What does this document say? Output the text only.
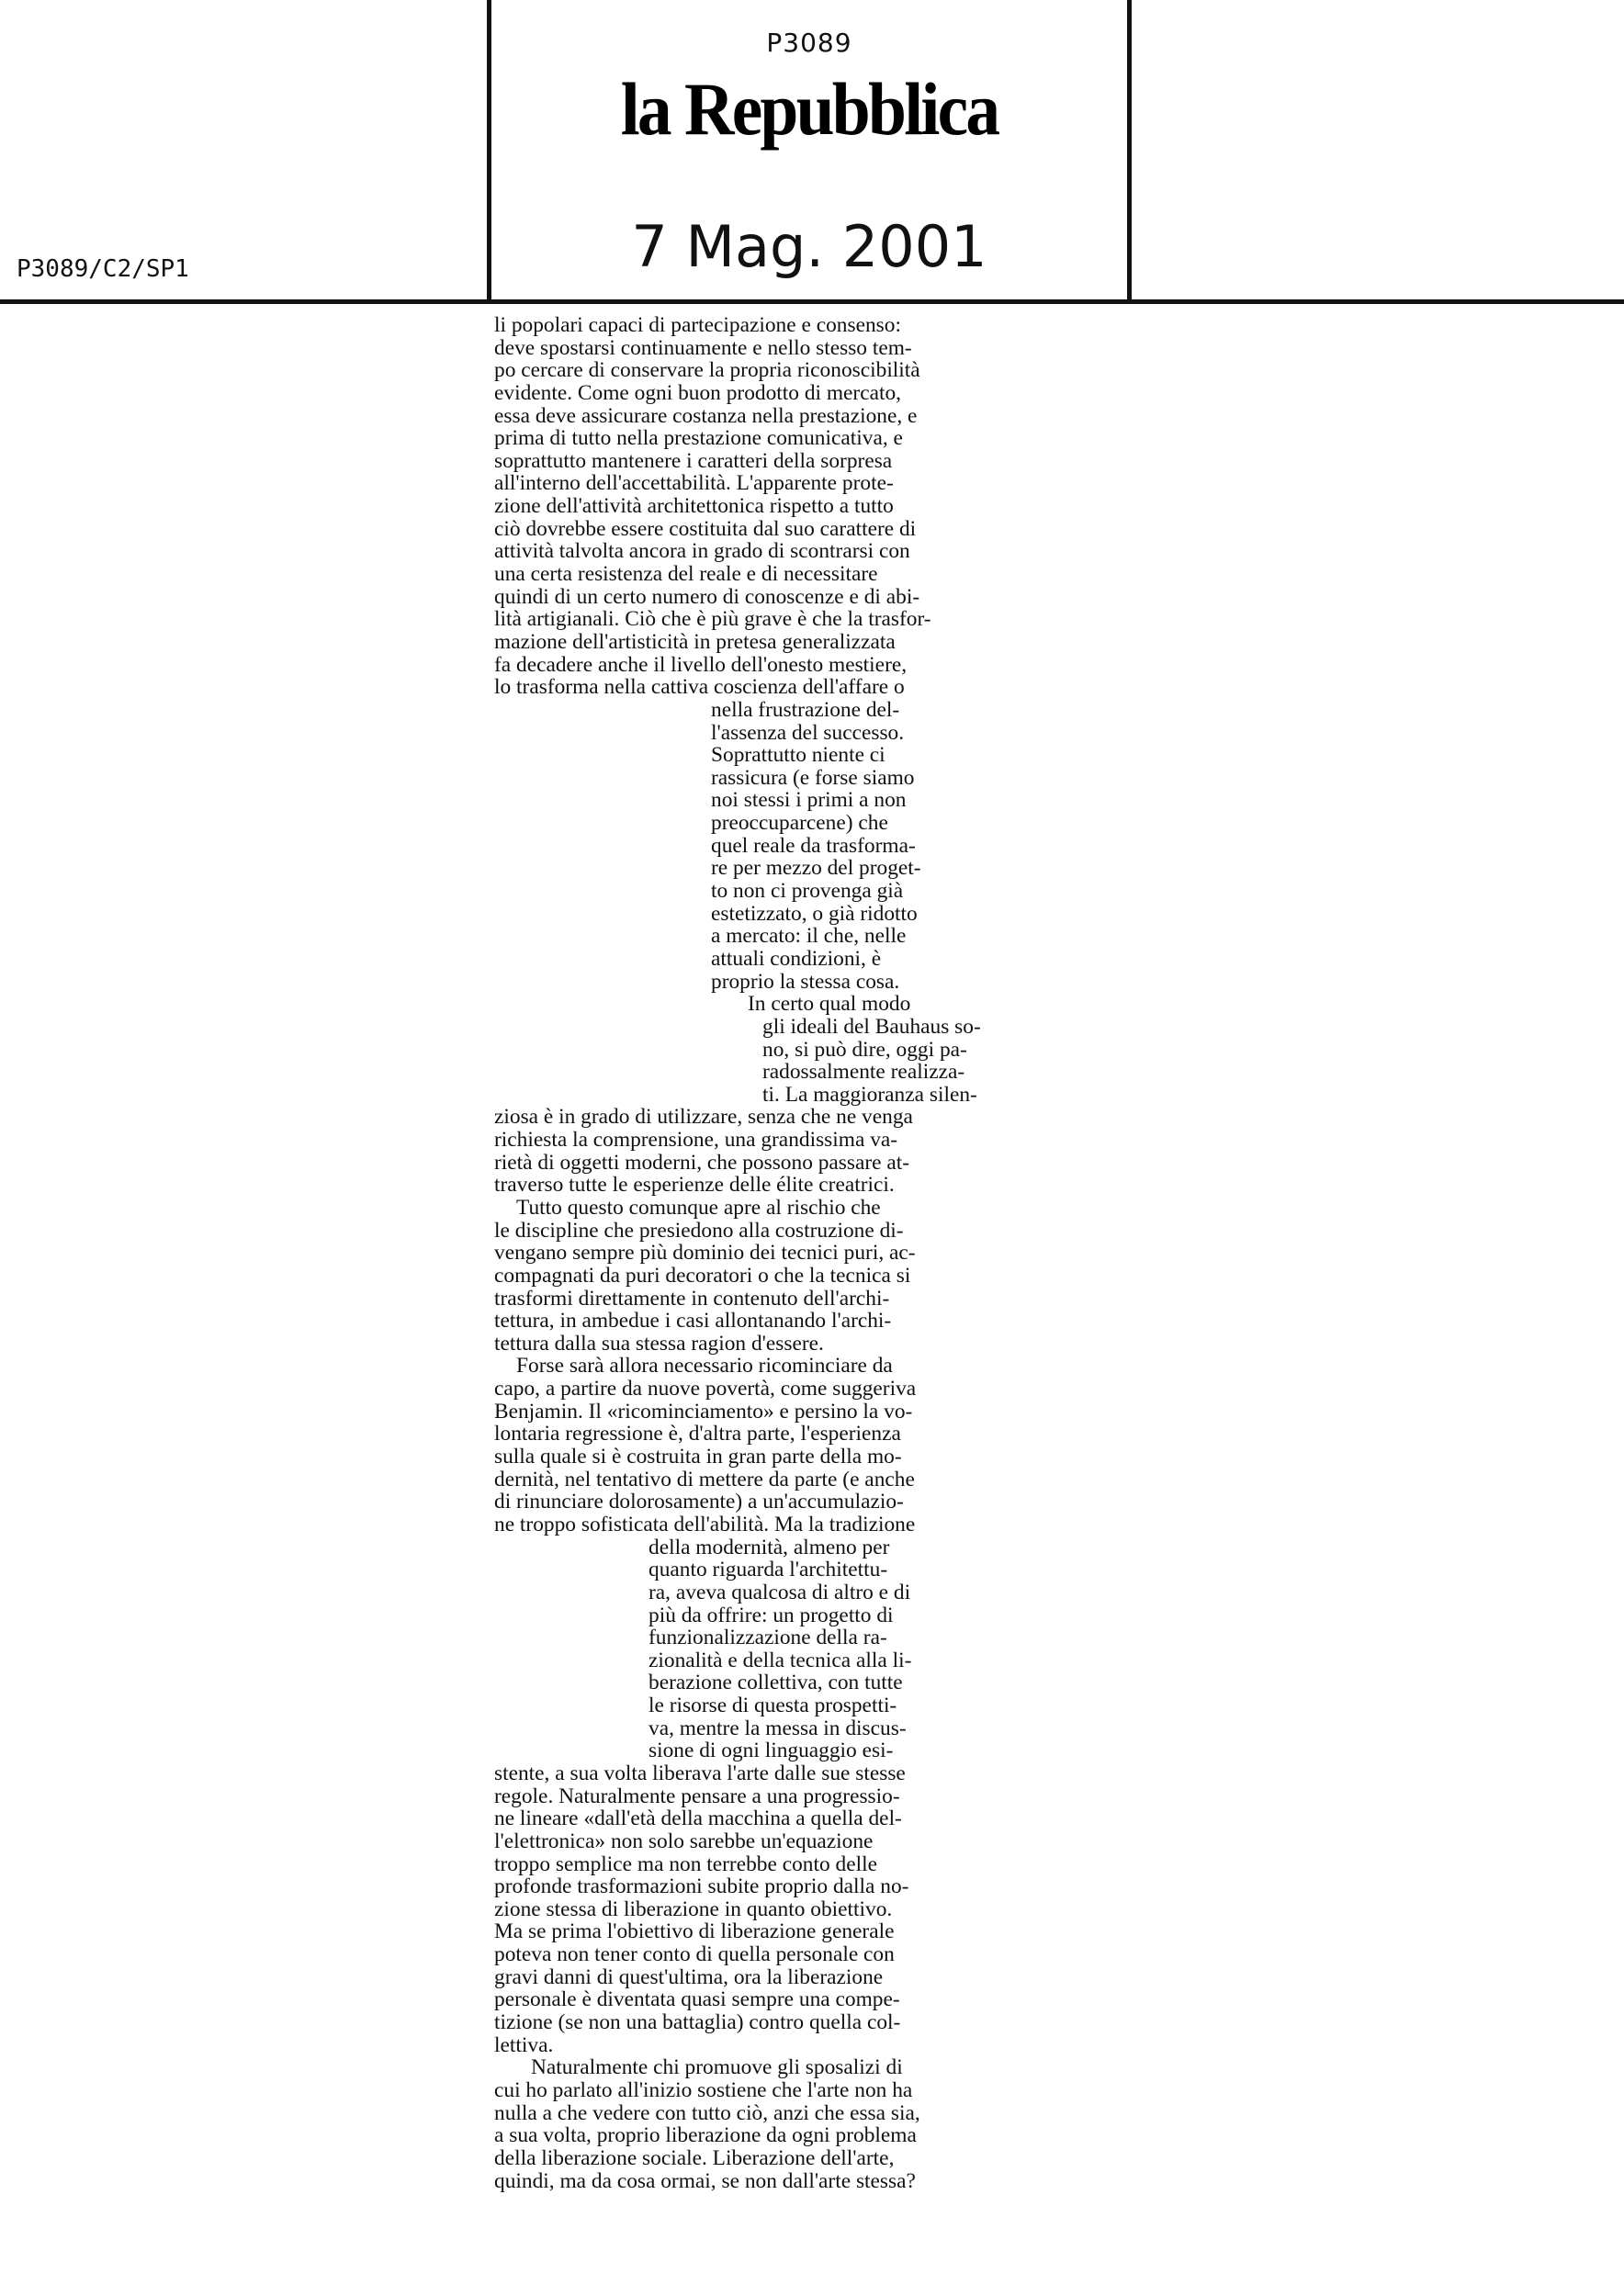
P3089
la Repubblica
7 Mag. 2001
P3089/C2/SP1
li popolari capaci di partecipazione e consenso:
deve spostarsi continuamente e nello stesso tem-
po cercare di conservare la propria riconoscibilità
evidente. Come ogni buon prodotto di mercato,
essa deve assicurare costanza nella prestazione, e
prima di tutto nella prestazione comunicativa, e
soprattutto mantenere i caratteri della sorpresa
all'interno dell'accettabilità. L'apparente prote-
zione dell'attività architettonica rispetto a tutto
ciò dovrebbe essere costituita dal suo carattere di
attività talvolta ancora in grado di scontrarsi con
una certa resistenza del reale e di necessitare
quindi di un certo numero di conoscenze e di abi-
lità artigianali. Ciò che è più grave è che la trasfor-
mazione dell'artisticità in pretesa generalizzata
fa decadere anche il livello dell'onesto mestiere,
lo trasforma nella cattiva coscienza dell'affare o
nella frustrazione del-
l'assenza del successo.
Soprattutto niente ci
rassicura (e forse siamo
noi stessi i primi a non
preoccuparcene) che
quel reale da trasforma-
re per mezzo del proget-
to non ci provenga già
estetizzato, o già ridotto
a mercato: il che, nelle
attuali condizioni, è
proprio la stessa cosa.
In certo qual modo
gli ideali del Bauhaus so-
no, si può dire, oggi pa-
radossalmente realizza-
ti. La maggioranza silen-
ziosa è in grado di utilizzare, senza che ne venga
richiesta la comprensione, una grandissima va-
rietà di oggetti moderni, che possono passare at-
traverso tutte le esperienze delle élite creatrici.
Tutto questo comunque apre al rischio che
le discipline che presiedono alla costruzione di-
vengano sempre più dominio dei tecnici puri, ac-
compagnati da puri decoratori o che la tecnica si
trasformi direttamente in contenuto dell'archi-
tettura, in ambedue i casi allontanando l'archi-
tettura dalla sua stessa ragion d'essere.
Forse sarà allora necessario ricominciare da
capo, a partire da nuove povertà, come suggeriva
Benjamin. Il «ricominciamento» e persino la vo-
lontaria regressione è, d'altra parte, l'esperienza
sulla quale si è costruita in gran parte della mo-
dernità, nel tentativo di mettere da parte (e anche
di rinunciare dolorosamente) a un'accumulazio-
ne troppo sofisticata dell'abilità. Ma la tradizione
della modernità, almeno per
quanto riguarda l'architettu-
ra, aveva qualcosa di altro e di
più da offrire: un progetto di
funzionalizzazione della ra-
zionalità e della tecnica alla li-
berazione collettiva, con tutte
le risorse di questa prospetti-
va, mentre la messa in discus-
sione di ogni linguaggio esi-
stente, a sua volta liberava l'arte dalle sue stesse
regole. Naturalmente pensare a una progressio-
ne lineare «dall'età della macchina a quella del-
l'elettronica» non solo sarebbe un'equazione
troppo semplice ma non terrebbe conto delle
profonde trasformazioni subite proprio dalla no-
zione stessa di liberazione in quanto obiettivo.
Ma se prima l'obiettivo di liberazione generale
poteva non tener conto di quella personale con
gravi danni di quest'ultima, ora la liberazione
personale è diventata quasi sempre una compe-
tizione (se non una battaglia) contro quella col-
lettiva.
Naturalmente chi promuove gli sposalizi di
cui ho parlato all'inizio sostiene che l'arte non ha
nulla a che vedere con tutto ciò, anzi che essa sia,
a sua volta, proprio liberazione da ogni problema
della liberazione sociale. Liberazione dell'arte,
quindi, ma da cosa ormai, se non dall'arte stessa?
